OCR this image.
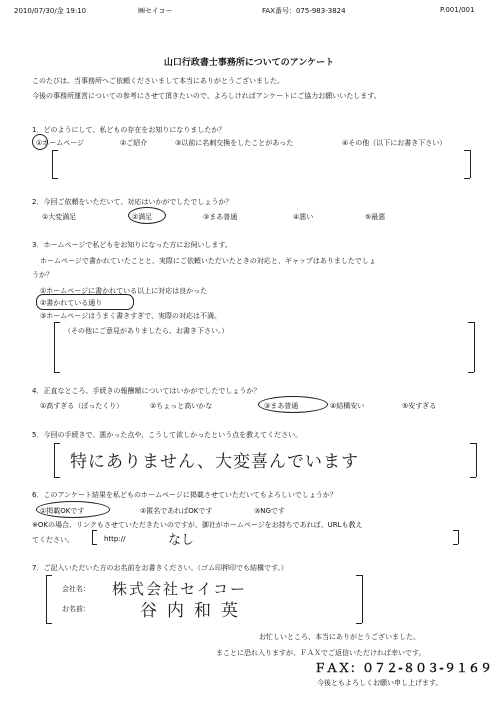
2010/07/30/金 19:10	㈱セイコー	FAX番号：075-983-3824	P.001/001
山口行政書士事務所についてのアンケート
このたびは、当事務所へご依頼くださいまして本当にありがとうございました。
今後の事務所運営についての参考にさせて頂きたいので、よろしければアンケートにご協力お願いいたします。
1．どのようにして、私どもの存在をお知りになりましたか？
①ホームページ	②ご紹介	③以前に名刺交換をしたことがあった	④その他（以下にお書き下さい）
2．今回ご依頼をいただいて、対応はいかがでしたでしょうか？
①大変満足	②満足	③まあ普通	④悪い	⑤最悪
3．ホームページで私どもをお知りになった方にお伺いします。
ホームページで書かれていたことと、実際にご依頼いただいたときの対応と、ギャップはありましたでしょ
うか？
①ホームページに書かれている以上に対応は良かった
②書かれている通り
③ホームページはうまく書きすぎで、実際の対応は不満。
（その他にご意見がありましたら、お書き下さい。）
4．正直なところ、手続きの報酬額についてはいかがでしたでしょうか？
①高すぎる（ぼったくり）	②ちょっと高いかな	③まあ普通	④結構安い	⑤安すぎる
5．今回の手続きで、悪かった点や、こうして欲しかったという点を教えてください。
特にありません、大変喜んでいます
6．このアンケート結果を私どものホームページに掲載させていただいてもよろしいでしょうか？
①掲載OKです	②匿名であればOKです	③NGです
※OKの場合、リンクもさせていただきたいのですが、御社がホームページをお持ちであれば、URLも教え
てください。	http://	なし
7．ご記入いただいた方のお名前をお書きください。（ゴム印押印でも結構です。）
会社名： 株式会社セイコー
お名前：	谷内和英
お忙しいところ、本当にありがとうございました。
まことに恐れ入りますが、ＦＡＸでご返信いただければ幸いです。
ＦＡＸ：０７２-８０３-９１６９
今後ともよろしくお願い申し上げます。
